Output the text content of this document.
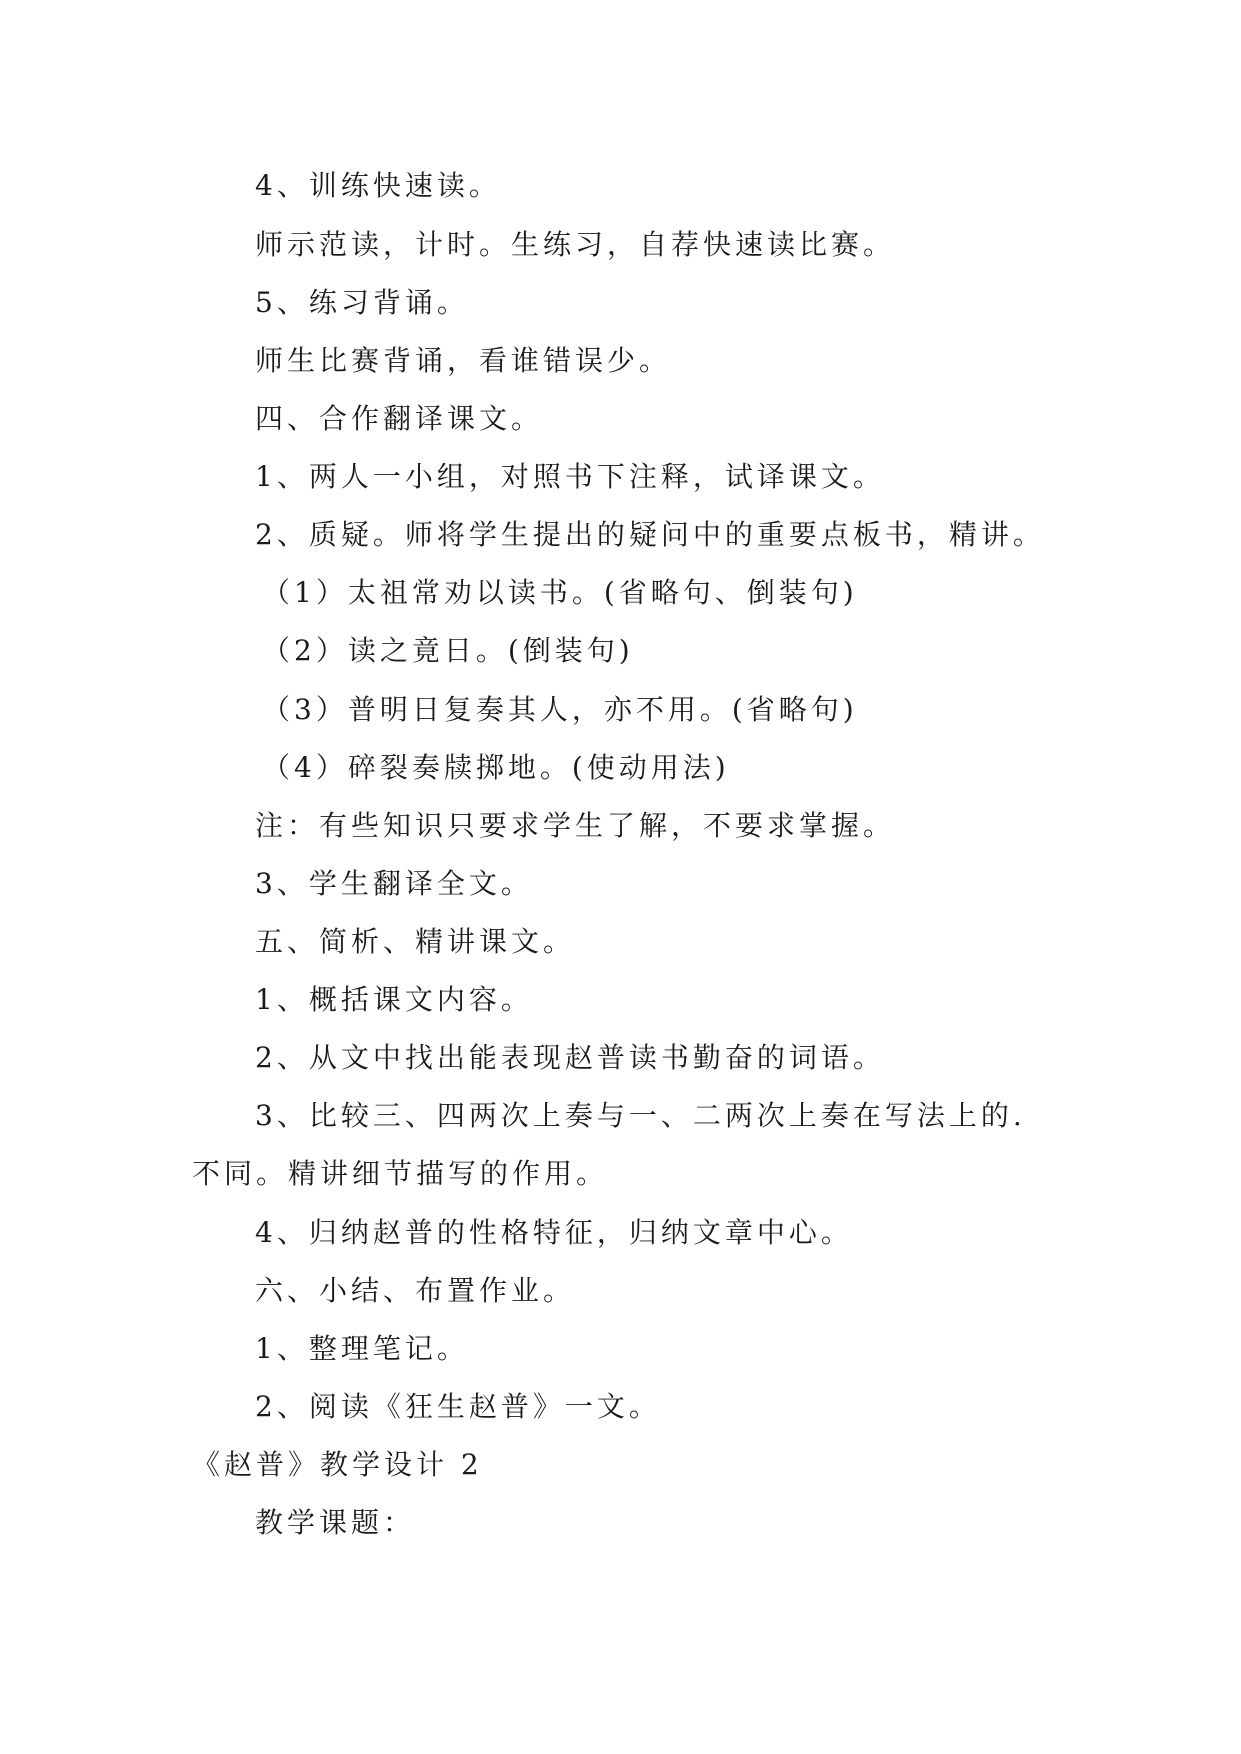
4、训练快速读。
师示范读，计时。生练习，自荐快速读比赛。
5、练习背诵。
师生比赛背诵，看谁错误少。
四、合作翻译课文。
1、两人一小组，对照书下注释，试译课文。
2、质疑。师将学生提出的疑问中的重要点板书，精讲。
（1）太祖常劝以读书。(省略句、倒装句)
（2）读之竟日。(倒装句)
（3）普明日复奏其人，亦不用。(省略句)
（4）碎裂奏牍掷地。(使动用法)
注：有些知识只要求学生了解，不要求掌握。
3、学生翻译全文。
五、简析、精讲课文。
1、概括课文内容。
2、从文中找出能表现赵普读书勤奋的词语。
3、比较三、四两次上奏与一、二两次上奏在写法上的.
不同。精讲细节描写的作用。
4、归纳赵普的性格特征，归纳文章中心。
六、小结、布置作业。
1、整理笔记。
2、阅读《狂生赵普》一文。
《赵普》教学设计 2
教学课题：
